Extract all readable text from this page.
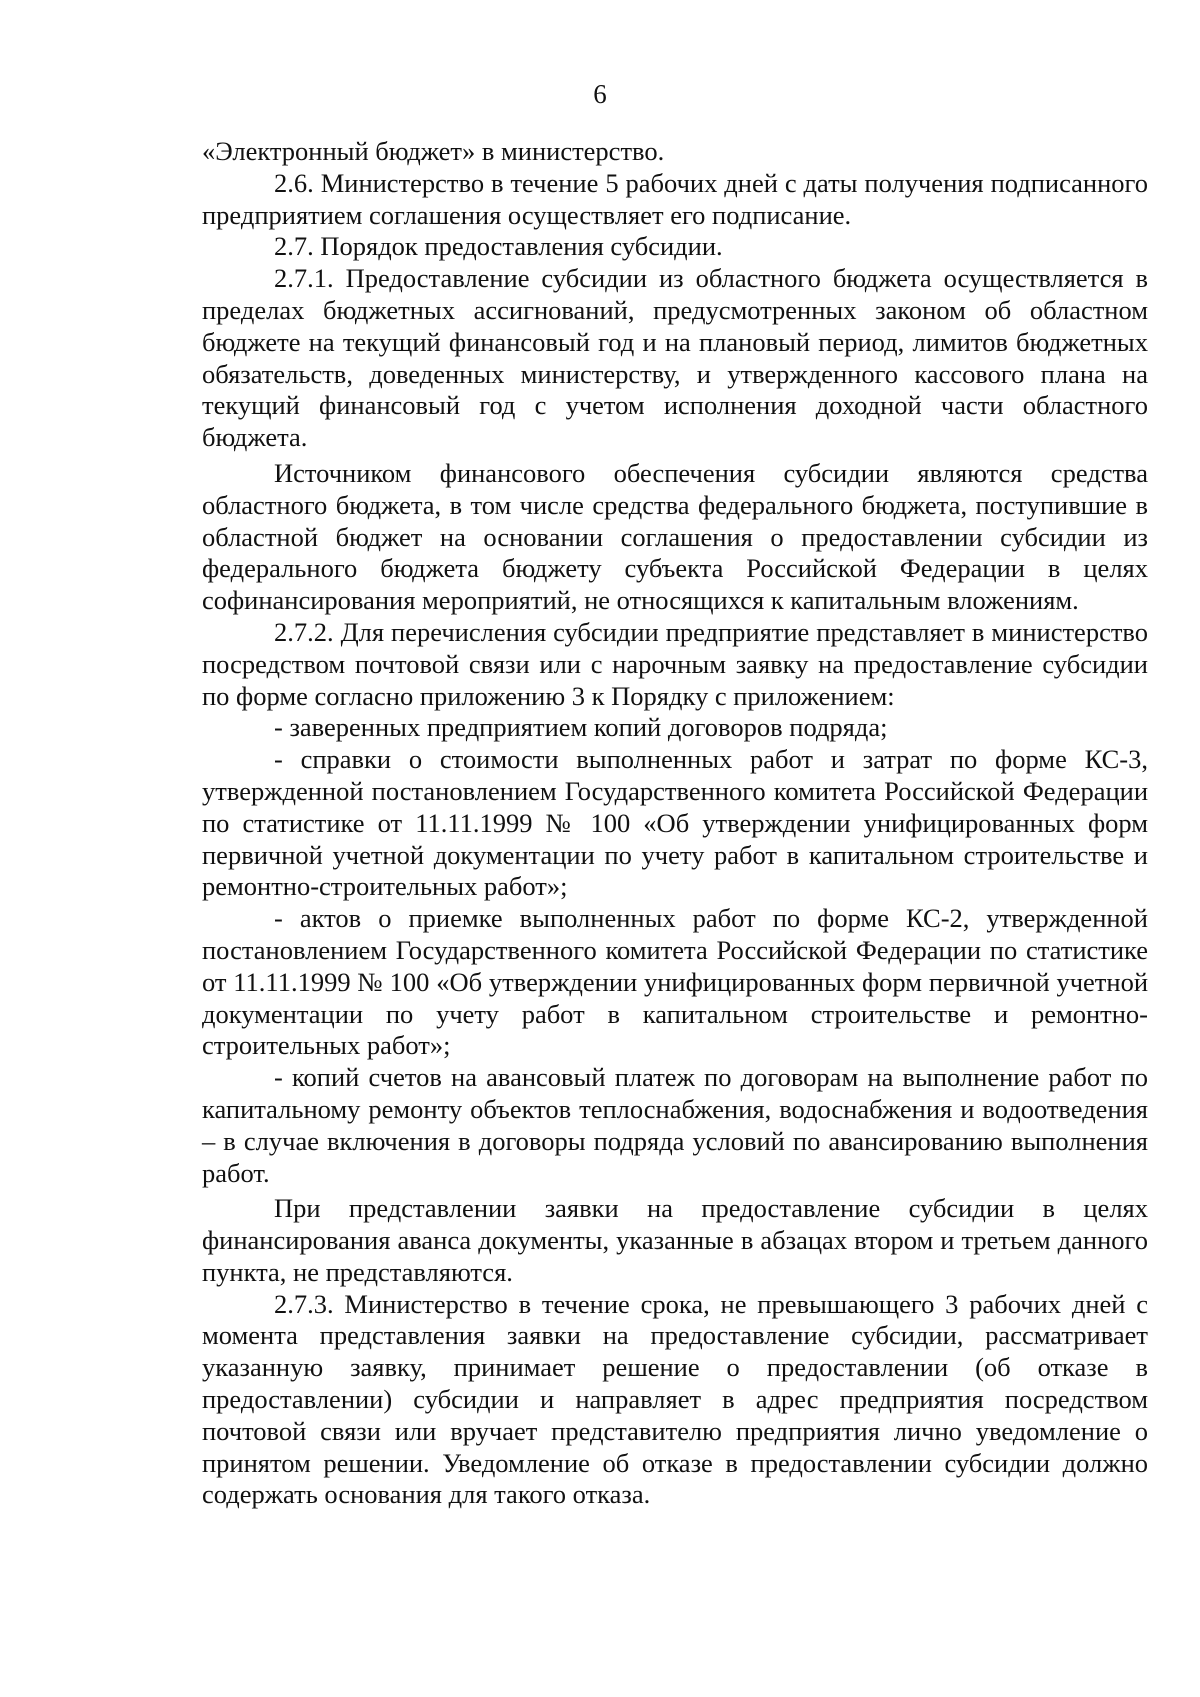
6

«Электронный бюджет» в министерство.

2.6. Министерство в течение 5 рабочих дней с даты получения подписанного предприятием соглашения осуществляет его подписание.

2.7. Порядок предоставления субсидии.

2.7.1. Предоставление субсидии из областного бюджета осуществляется в пределах бюджетных ассигнований, предусмотренных законом об областном бюджете на текущий финансовый год и на плановый период, лимитов бюджетных обязательств, доведенных министерству, и утвержденного кассового плана на текущий финансовый год с учетом исполнения доходной части областного бюджета.

Источником финансового обеспечения субсидии являются средства областного бюджета, в том числе средства федерального бюджета, поступившие в областной бюджет на основании соглашения о предоставлении субсидии из федерального бюджета бюджету субъекта Российской Федерации в целях софинансирования мероприятий, не относящихся к капитальным вложениям.

2.7.2. Для перечисления субсидии предприятие представляет в министерство посредством почтовой связи или с нарочным заявку на предоставление субсидии по форме согласно приложению 3 к Порядку с приложением:

- заверенных предприятием копий договоров подряда;

- справки о стоимости выполненных работ и затрат по форме КС-3, утвержденной постановлением Государственного комитета Российской Федерации по статистике от 11.11.1999 № 100 «Об утверждении унифицированных форм первичной учетной документации по учету работ в капитальном строительстве и ремонтно-строительных работ»;

- актов о приемке выполненных работ по форме КС-2, утвержденной постановлением Государственного комитета Российской Федерации по статистике от 11.11.1999 № 100 «Об утверждении унифицированных форм первичной учетной документации по учету работ в капитальном строительстве и ремонтно-строительных работ»;

- копий счетов на авансовый платеж по договорам на выполнение работ по капитальному ремонту объектов теплоснабжения, водоснабжения и водоотведения – в случае включения в договоры подряда условий по авансированию выполнения работ.

При представлении заявки на предоставление субсидии в целях финансирования аванса документы, указанные в абзацах втором и третьем данного пункта, не представляются.

2.7.3. Министерство в течение срока, не превышающего 3 рабочих дней с момента представления заявки на предоставление субсидии, рассматривает указанную заявку, принимает решение о предоставлении (об отказе в предоставлении) субсидии и направляет в адрес предприятия посредством почтовой связи или вручает представителю предприятия лично уведомление о принятом решении. Уведомление об отказе в предоставлении субсидии должно содержать основания для такого отказа.
